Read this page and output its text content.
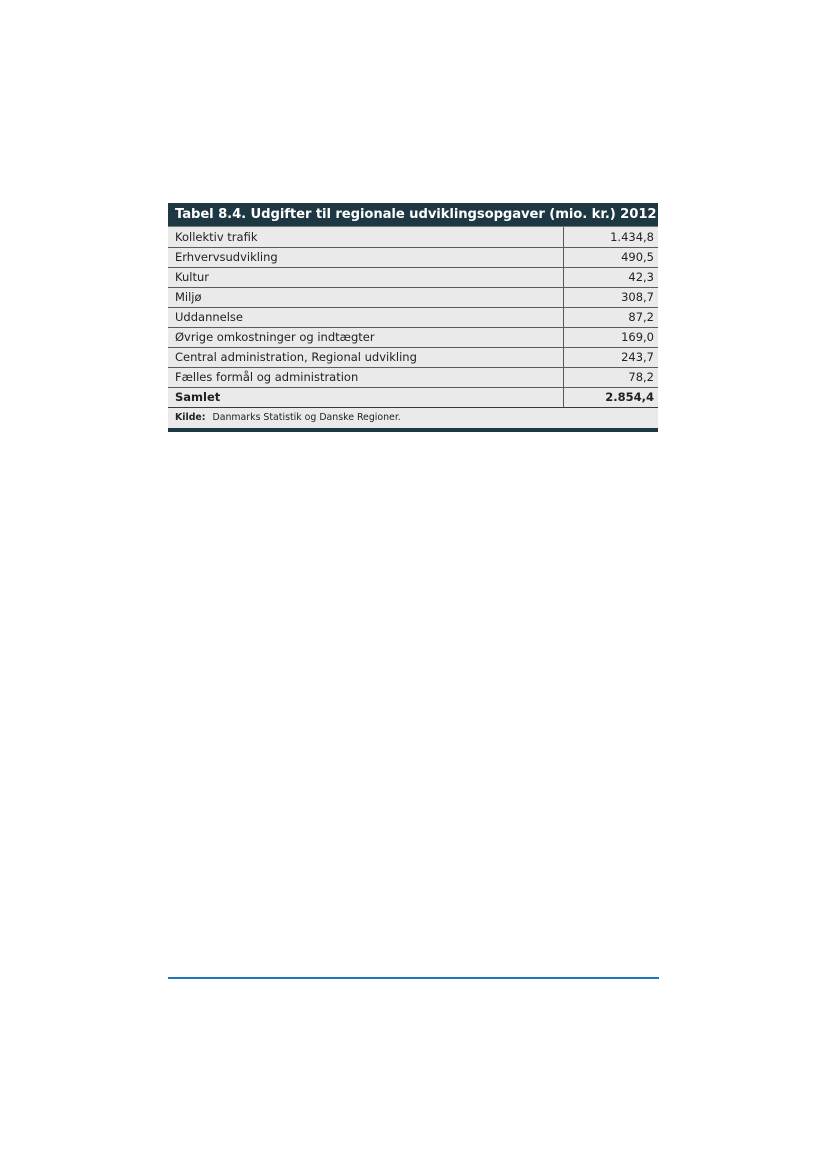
Tabel 8.4. Udgifter til regionale udviklingsopgaver (mio. kr.) 2012 (budget)
Kollektiv trafik	1.434,8
Erhvervsudvikling	490,5
Kultur	42,3
Miljø	308,7
Uddannelse	87,2
Øvrige omkostninger og indtægter	169,0
Central administration, Regional udvikling	243,7
Fælles formål og administration	78,2
Samlet	2.854,4
Kilde: Danmarks Statistik og Danske Regioner.
